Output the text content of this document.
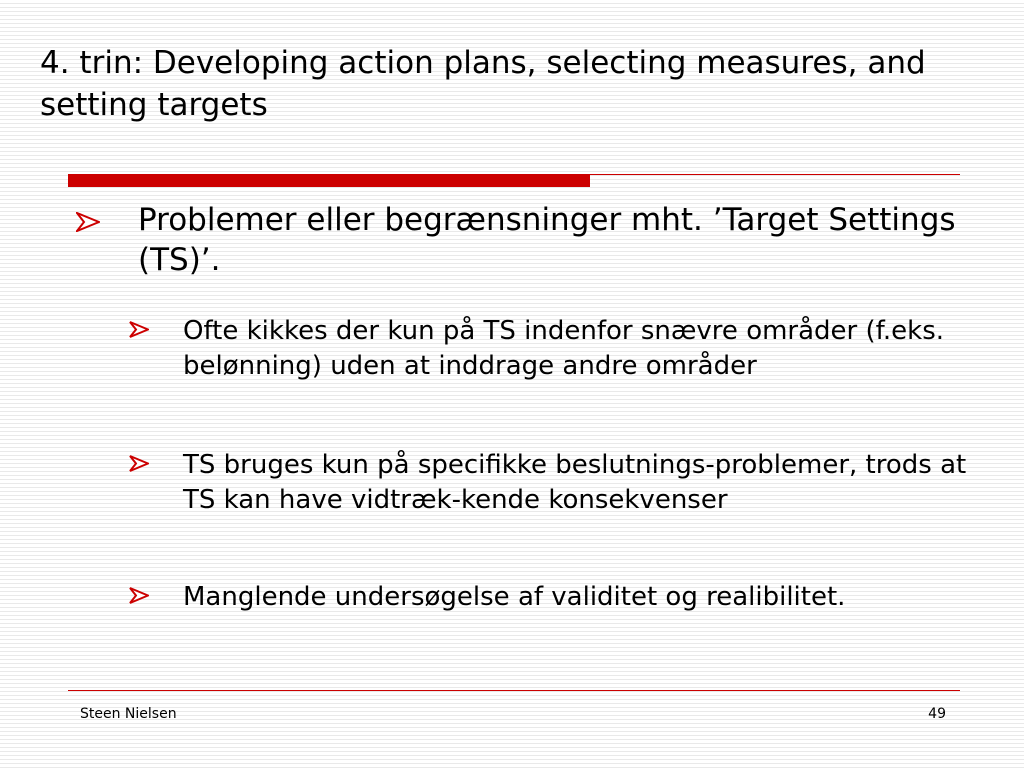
4. trin: Developing action plans, selecting measures, and setting targets
Problemer eller begrænsninger mht. ’Target Settings (TS)’.
Ofte kikkes der kun på TS indenfor snævre områder (f.eks. belønning) uden at inddrage andre områder
TS bruges kun på specifikke beslutnings-problemer, trods at TS kan have vidtræk-kende konsekvenser
Manglende undersøgelse af validitet og realibilitet.
Steen Nielsen	49
